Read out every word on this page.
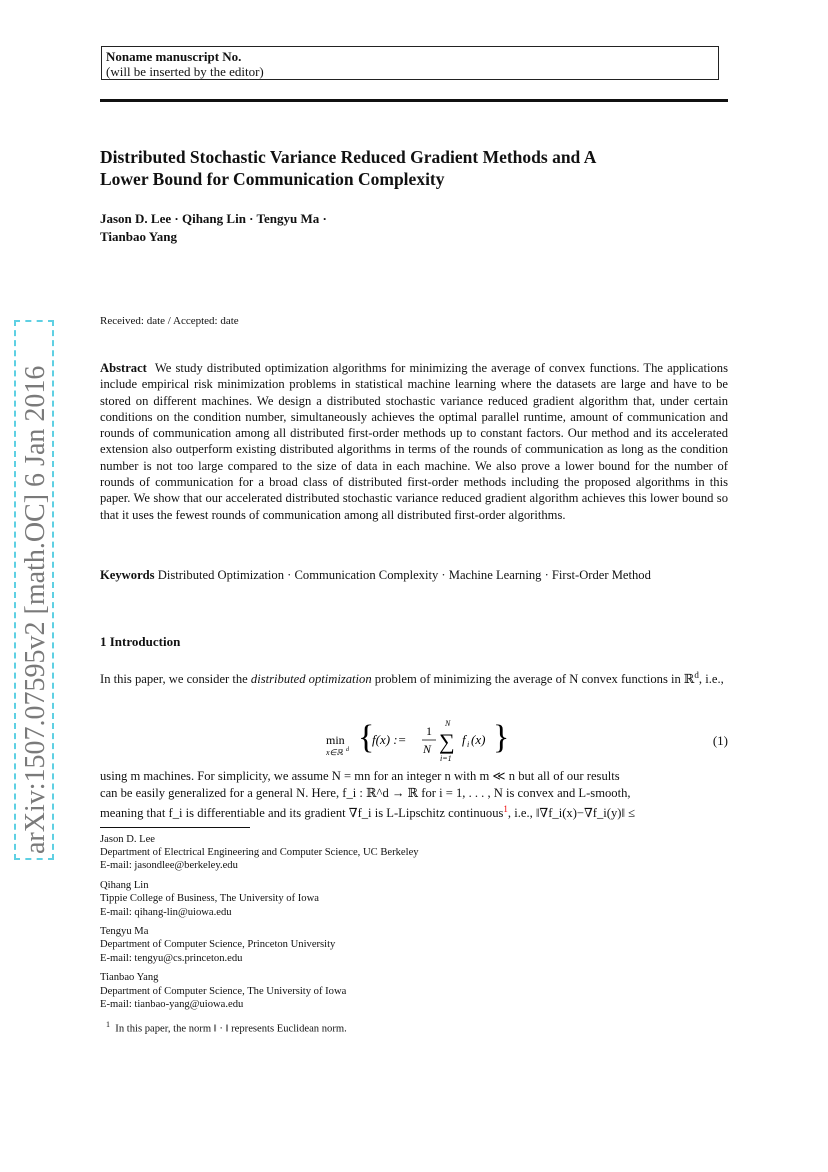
Noname manuscript No.
(will be inserted by the editor)
Distributed Stochastic Variance Reduced Gradient Methods and A
Lower Bound for Communication Complexity
Jason D. Lee · Qihang Lin · Tengyu Ma ·
Tianbao Yang
arXiv:1507.07595v2 [math.OC] 6 Jan 2016
Received: date / Accepted: date
Abstract We study distributed optimization algorithms for minimizing the average of convex functions. The applications include empirical risk minimization problems in statistical machine learning where the datasets are large and have to be stored on different machines. We design a distributed stochastic variance reduced gradient algorithm that, under certain conditions on the condition number, simultaneously achieves the optimal parallel runtime, amount of communication and rounds of communication among all distributed first-order methods up to constant factors. Our method and its accelerated extension also outperform existing distributed algorithms in terms of the rounds of communication as long as the condition number is not too large compared to the size of data in each machine. We also prove a lower bound for the number of rounds of communication for a broad class of distributed first-order methods including the proposed algorithms in this paper. We show that our accelerated distributed stochastic variance reduced gradient algorithm achieves this lower bound so that it uses the fewest rounds of communication among all distributed first-order algorithms.
Keywords Distributed Optimization · Communication Complexity · Machine Learning · First-Order Method
1 Introduction
In this paper, we consider the distributed optimization problem of minimizing the average of N convex functions in ℝ$^d$, i.e.,
min
x∈ℝ d {
f(x) :=
1
N
N
∑
i=1
f i (x) }	(1)
using m machines. For simplicity, we assume N = mn for an integer n with m ≪ n but all of our results
can be easily generalized for a general N. Here, f_i : ℝ^d → ℝ for i = 1, . . . , N is convex and L-smooth,
meaning that f_i is differentiable and its gradient ∇f_i is L-Lipschitz continuous$^1$, i.e., ‖∇f_i(x)−∇f_i(y)‖ ≤
Jason D. Lee
Department of Electrical Engineering and Computer Science, UC Berkeley
E-mail: jasondlee@berkeley.edu
Qihang Lin
Tippie College of Business, The University of Iowa
E-mail: qihang-lin@uiowa.edu
Tengyu Ma
Department of Computer Science, Princeton University
E-mail: tengyu@cs.princeton.edu
Tianbao Yang
Department of Computer Science, The University of Iowa
E-mail: tianbao-yang@uiowa.edu
$^1$ In this paper, the norm ‖ · ‖ represents Euclidean norm.
